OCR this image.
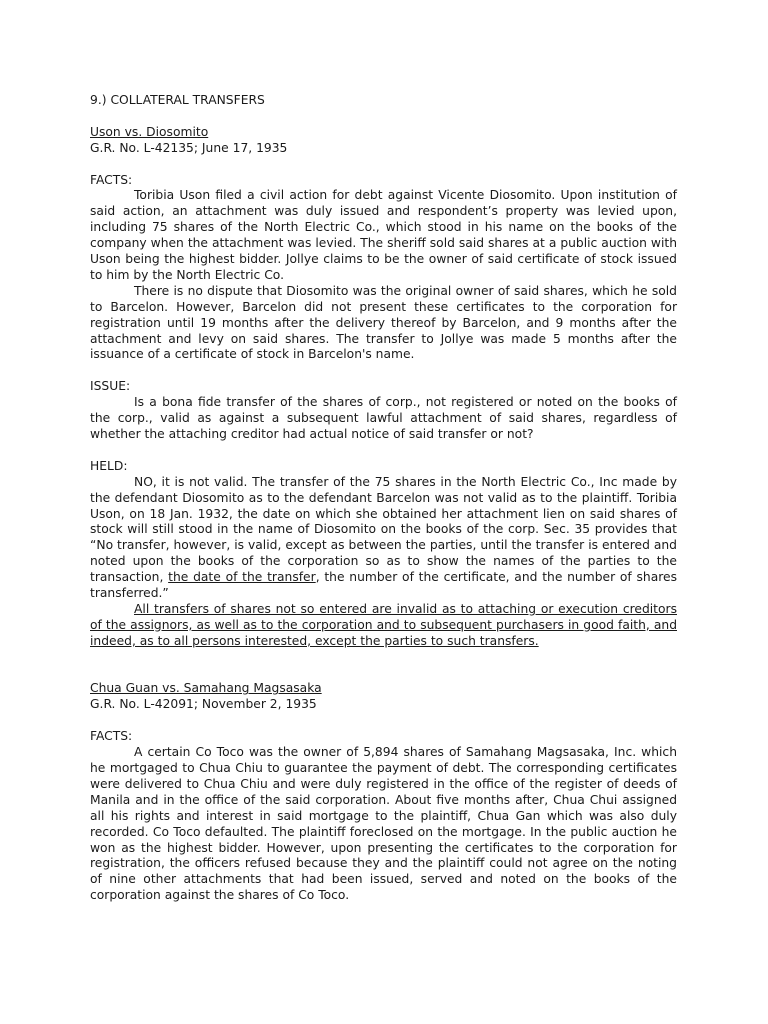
9.) COLLATERAL TRANSFERS

Uson vs. Diosomito

G.R. No. L-42135; June 17, 1935

FACTS:

Toribia Uson filed a civil action for debt against Vicente Diosomito. Upon institution of said action, an attachment was duly issued and respondent’s property was levied upon, including 75 shares of the North Electric Co., which stood in his name on the books of the company when the attachment was levied. The sheriff sold said shares at a public auction with Uson being the highest bidder. Jollye claims to be the owner of said certificate of stock issued to him by the North Electric Co.

There is no dispute that Diosomito was the original owner of said shares, which he sold to Barcelon. However, Barcelon did not present these certificates to the corporation for registration until 19 months after the delivery thereof by Barcelon, and 9 months after the attachment and levy on said shares. The transfer to Jollye was made 5 months after the issuance of a certificate of stock in Barcelon's name.

ISSUE:

Is a bona fide transfer of the shares of corp., not registered or noted on the books of the corp., valid as against a subsequent lawful attachment of said shares, regardless of whether the attaching creditor had actual notice of said transfer or not?

HELD:

NO, it is not valid. The transfer of the 75 shares in the North Electric Co., Inc made by the defendant Diosomito as to the defendant Barcelon was not valid as to the plaintiff. Toribia Uson, on 18 Jan. 1932, the date on which she obtained her attachment lien on said shares of stock will still stood in the name of Diosomito on the books of the corp. Sec. 35 provides that “No transfer, however, is valid, except as between the parties, until the transfer is entered and noted upon the books of the corporation so as to show the names of the parties to the transaction, the date of the transfer, the number of the certificate, and the number of shares transferred.”

All transfers of shares not so entered are invalid as to attaching or execution creditors of the assignors, as well as to the corporation and to subsequent purchasers in good faith, and indeed, as to all persons interested, except the parties to such transfers.

Chua Guan vs. Samahang Magsasaka

G.R. No. L-42091; November 2, 1935

FACTS:

A certain Co Toco was the owner of 5,894 shares of Samahang Magsasaka, Inc. which he mortgaged to Chua Chiu to guarantee the payment of debt. The corresponding certificates were delivered to Chua Chiu and were duly registered in the office of the register of deeds of Manila and in the office of the said corporation. About five months after, Chua Chui assigned all his rights and interest in said mortgage to the plaintiff, Chua Gan which was also duly recorded. Co Toco defaulted. The plaintiff foreclosed on the mortgage. In the public auction he won as the highest bidder. However, upon presenting the certificates to the corporation for registration, the officers refused because they and the plaintiff could not agree on the noting of nine other attachments that had been issued, served and noted on the books of the corporation against the shares of Co Toco.
